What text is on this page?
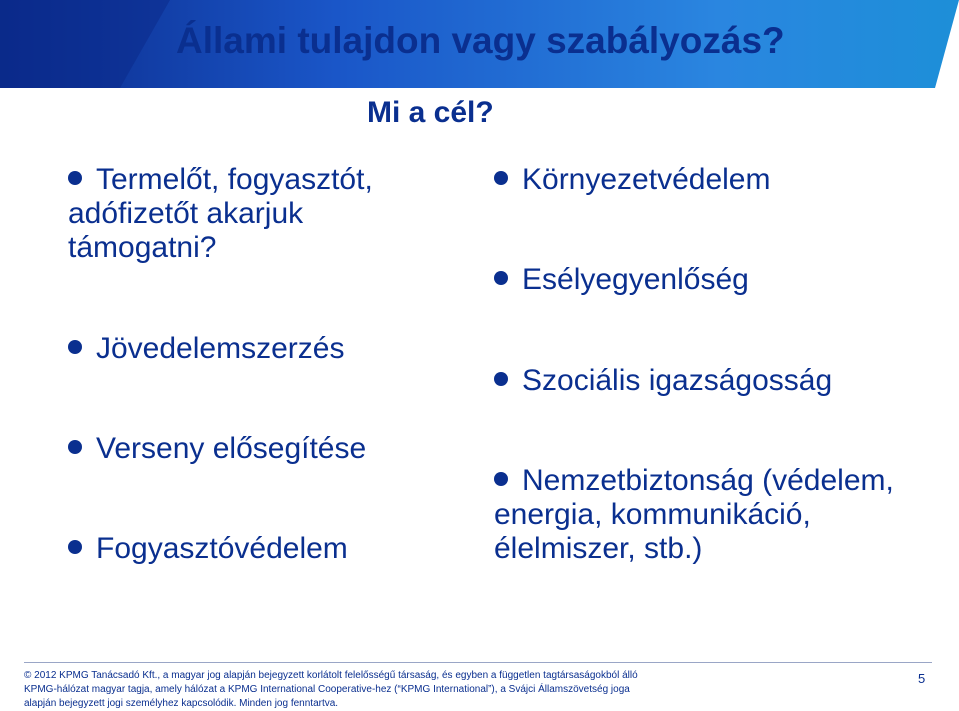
Állami tulajdon vagy szabályozás?
Mi a cél?
Termelőt, fogyasztót, adófizetőt akarjuk támogatni?
Jövedelemszerzés
Verseny elősegítése
Fogyasztóvédelem
Környezetvédelem
Esélyegyenlőség
Szociális igazságosság
Nemzetbiztonság (védelem, energia, kommunikáció, élelmiszer, stb.)
© 2012 KPMG Tanácsadó Kft., a magyar jog alapján bejegyzett korlátolt felelősségű társaság, és egyben a független tagtársaságokból álló KPMG-hálózat magyar tagja, amely hálózat a KPMG International Cooperative-hez (“KPMG International”), a Svájci Államszövetség joga alapján bejegyzett jogi személyhez kapcsolódik. Minden jog fenntartva.
5
